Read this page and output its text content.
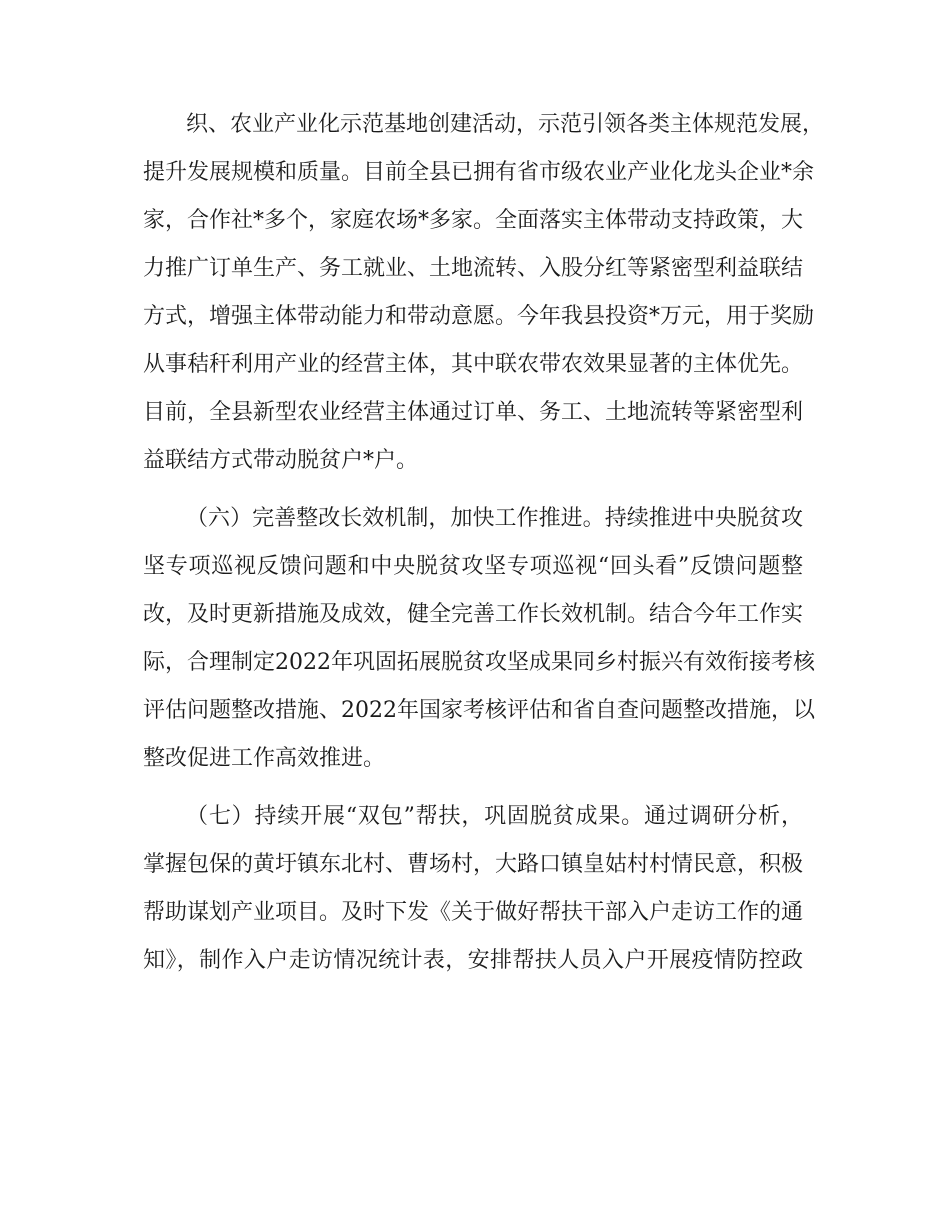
织、农业产业化示范基地创建活动，示范引领各类主体规范发展，
提升发展规模和质量。目前全县已拥有省市级农业产业化龙头企业*余
家，合作社*多个，家庭农场*多家。全面落实主体带动支持政策，大
力推广订单生产、务工就业、土地流转、入股分红等紧密型利益联结
方式，增强主体带动能力和带动意愿。今年我县投资*万元，用于奖励
从事秸秆利用产业的经营主体，其中联农带农效果显著的主体优先。
目前，全县新型农业经营主体通过订单、务工、土地流转等紧密型利
益联结方式带动脱贫户*户。
（六）完善整改长效机制，加快工作推进。持续推进中央脱贫攻
坚专项巡视反馈问题和中央脱贫攻坚专项巡视“回头看”反馈问题整
改，及时更新措施及成效，健全完善工作长效机制。结合今年工作实
际，合理制定2022年巩固拓展脱贫攻坚成果同乡村振兴有效衔接考核
评估问题整改措施、2022年国家考核评估和省自查问题整改措施，以
整改促进工作高效推进。
（七）持续开展“双包”帮扶，巩固脱贫成果。通过调研分析，
掌握包保的黄圩镇东北村、曹场村，大路口镇皇姑村村情民意，积极
帮助谋划产业项目。及时下发《关于做好帮扶干部入户走访工作的通
知》，制作入户走访情况统计表，安排帮扶人员入户开展疫情防控政
